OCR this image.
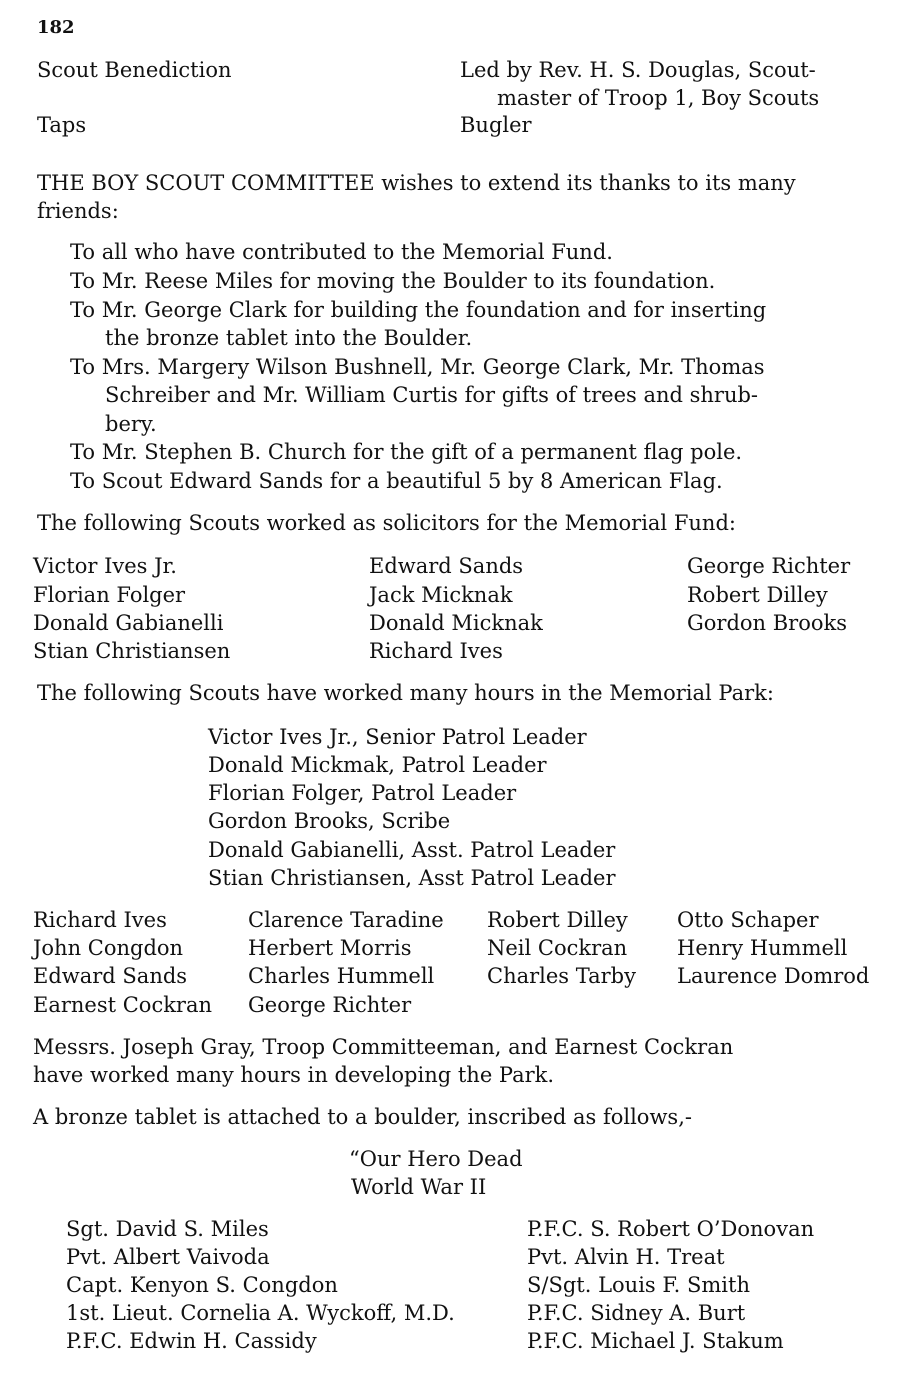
182
Scout Benediction	Led by Rev. H. S. Douglas, Scout-
master of Troop 1, Boy Scouts
Taps	Bugler
THE BOY SCOUT COMMITTEE wishes to extend its thanks to its many
friends:
To all who have contributed to the Memorial Fund.
To Mr. Reese Miles for moving the Boulder to its foundation.
To Mr. George Clark for building the foundation and for inserting
the bronze tablet into the Boulder.
To Mrs. Margery Wilson Bushnell, Mr. George Clark, Mr. Thomas
Schreiber and Mr. William Curtis for gifts of trees and shrub-
bery.
To Mr. Stephen B. Church for the gift of a permanent flag pole.
To Scout Edward Sands for a beautiful 5 by 8 American Flag.
The following Scouts worked as solicitors for the Memorial Fund:
Victor Ives Jr.
Florian Folger
Donald Gabianelli
Stian Christiansen
Edward Sands
Jack Micknak
Donald Micknak
Richard Ives
George Richter
Robert Dilley
Gordon Brooks
The following Scouts have worked many hours in the Memorial Park:
Victor Ives Jr., Senior Patrol Leader
Donald Mickmak, Patrol Leader
Florian Folger, Patrol Leader
Gordon Brooks, Scribe
Donald Gabianelli, Asst. Patrol Leader
Stian Christiansen, Asst Patrol Leader
Richard Ives
John Congdon
Edward Sands
Earnest Cockran
Clarence Taradine
Herbert Morris
Charles Hummell
George Richter
Robert Dilley
Neil Cockran
Charles Tarby
Otto Schaper
Henry Hummell
Laurence Domrod
Messrs. Joseph Gray, Troop Committeeman, and Earnest Cockran
have worked many hours in developing the Park.
A bronze tablet is attached to a boulder, inscribed as follows,-
“Our Hero Dead
World War II
Sgt. David S. Miles
Pvt. Albert Vaivoda
Capt. Kenyon S. Congdon
1st. Lieut. Cornelia A. Wyckoff, M.D.
P.F.C. Edwin H. Cassidy
P.F.C. S. Robert O’Donovan
Pvt. Alvin H. Treat
S/Sgt. Louis F. Smith
P.F.C. Sidney A. Burt
P.F.C. Michael J. Stakum
